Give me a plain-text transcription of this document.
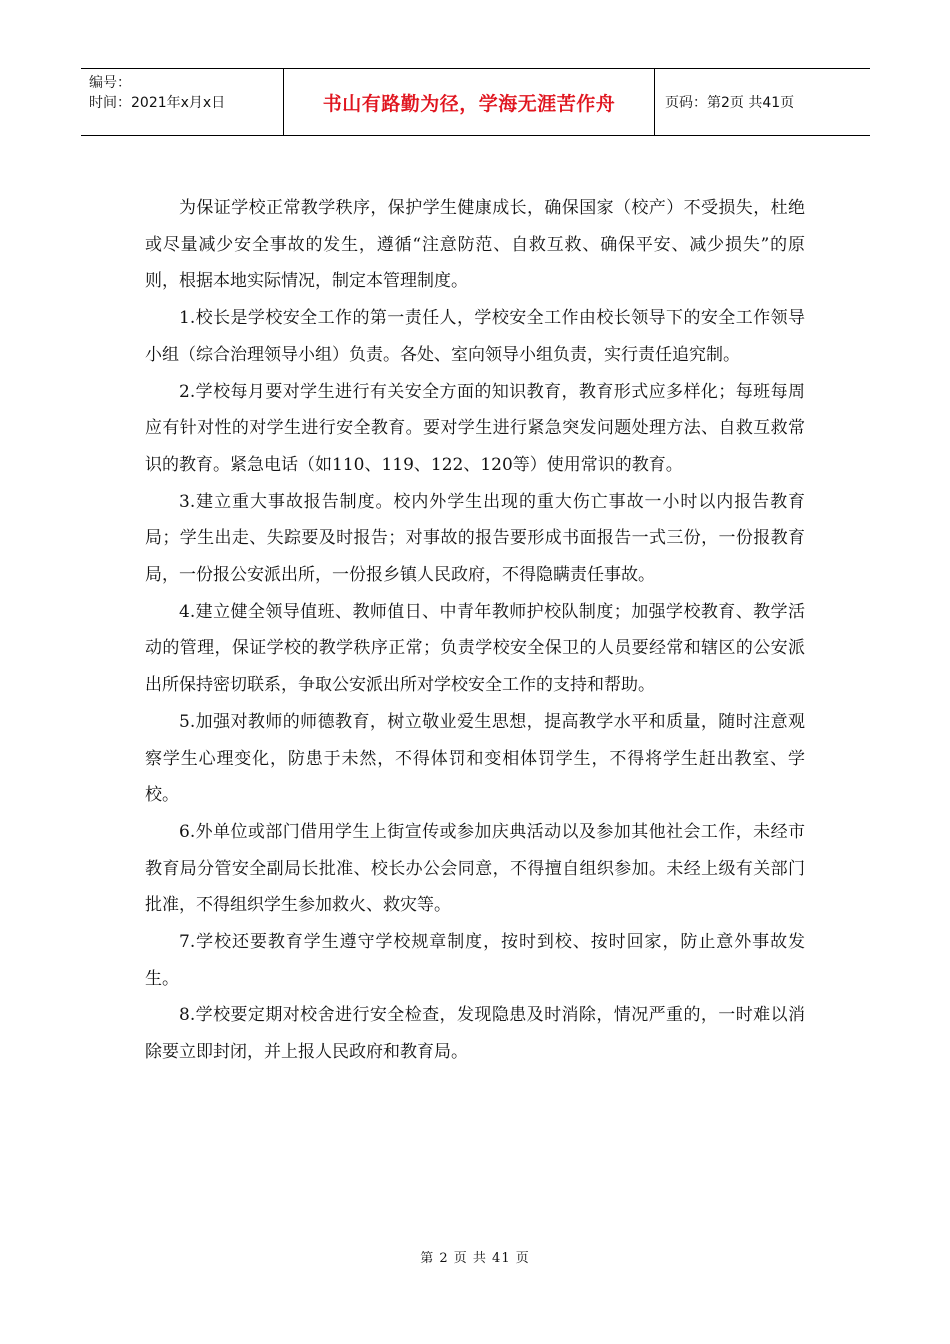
编号：
时间：2021年x月x日	书山有路勤为径，学海无涯苦作舟	页码：第2页 共41页

为保证学校正常教学秩序，保护学生健康成长，确保国家（校产）不受损失，杜绝或尽量减少安全事故的发生，遵循“注意防范、自救互救、确保平安、减少损失”的原则，根据本地实际情况，制定本管理制度。

1.校长是学校安全工作的第一责任人，学校安全工作由校长领导下的安全工作领导小组（综合治理领导小组）负责。各处、室向领导小组负责，实行责任追究制。

2.学校每月要对学生进行有关安全方面的知识教育，教育形式应多样化；每班每周应有针对性的对学生进行安全教育。要对学生进行紧急突发问题处理方法、自救互救常识的教育。紧急电话（如110、119、122、120等）使用常识的教育。

3.建立重大事故报告制度。校内外学生出现的重大伤亡事故一小时以内报告教育局；学生出走、失踪要及时报告；对事故的报告要形成书面报告一式三份，一份报教育局，一份报公安派出所，一份报乡镇人民政府，不得隐瞒责任事故。

4.建立健全领导值班、教师值日、中青年教师护校队制度；加强学校教育、教学活动的管理，保证学校的教学秩序正常；负责学校安全保卫的人员要经常和辖区的公安派出所保持密切联系，争取公安派出所对学校安全工作的支持和帮助。

5.加强对教师的师德教育，树立敬业爱生思想，提高教学水平和质量，随时注意观察学生心理变化，防患于未然，不得体罚和变相体罚学生，不得将学生赶出教室、学校。

6.外单位或部门借用学生上街宣传或参加庆典活动以及参加其他社会工作，未经市教育局分管安全副局长批准、校长办公会同意，不得擅自组织参加。未经上级有关部门批准，不得组织学生参加救火、救灾等。

7.学校还要教育学生遵守学校规章制度，按时到校、按时回家，防止意外事故发生。

8.学校要定期对校舍进行安全检查，发现隐患及时消除，情况严重的，一时难以消除要立即封闭，并上报人民政府和教育局。

第 2 页 共 41 页
